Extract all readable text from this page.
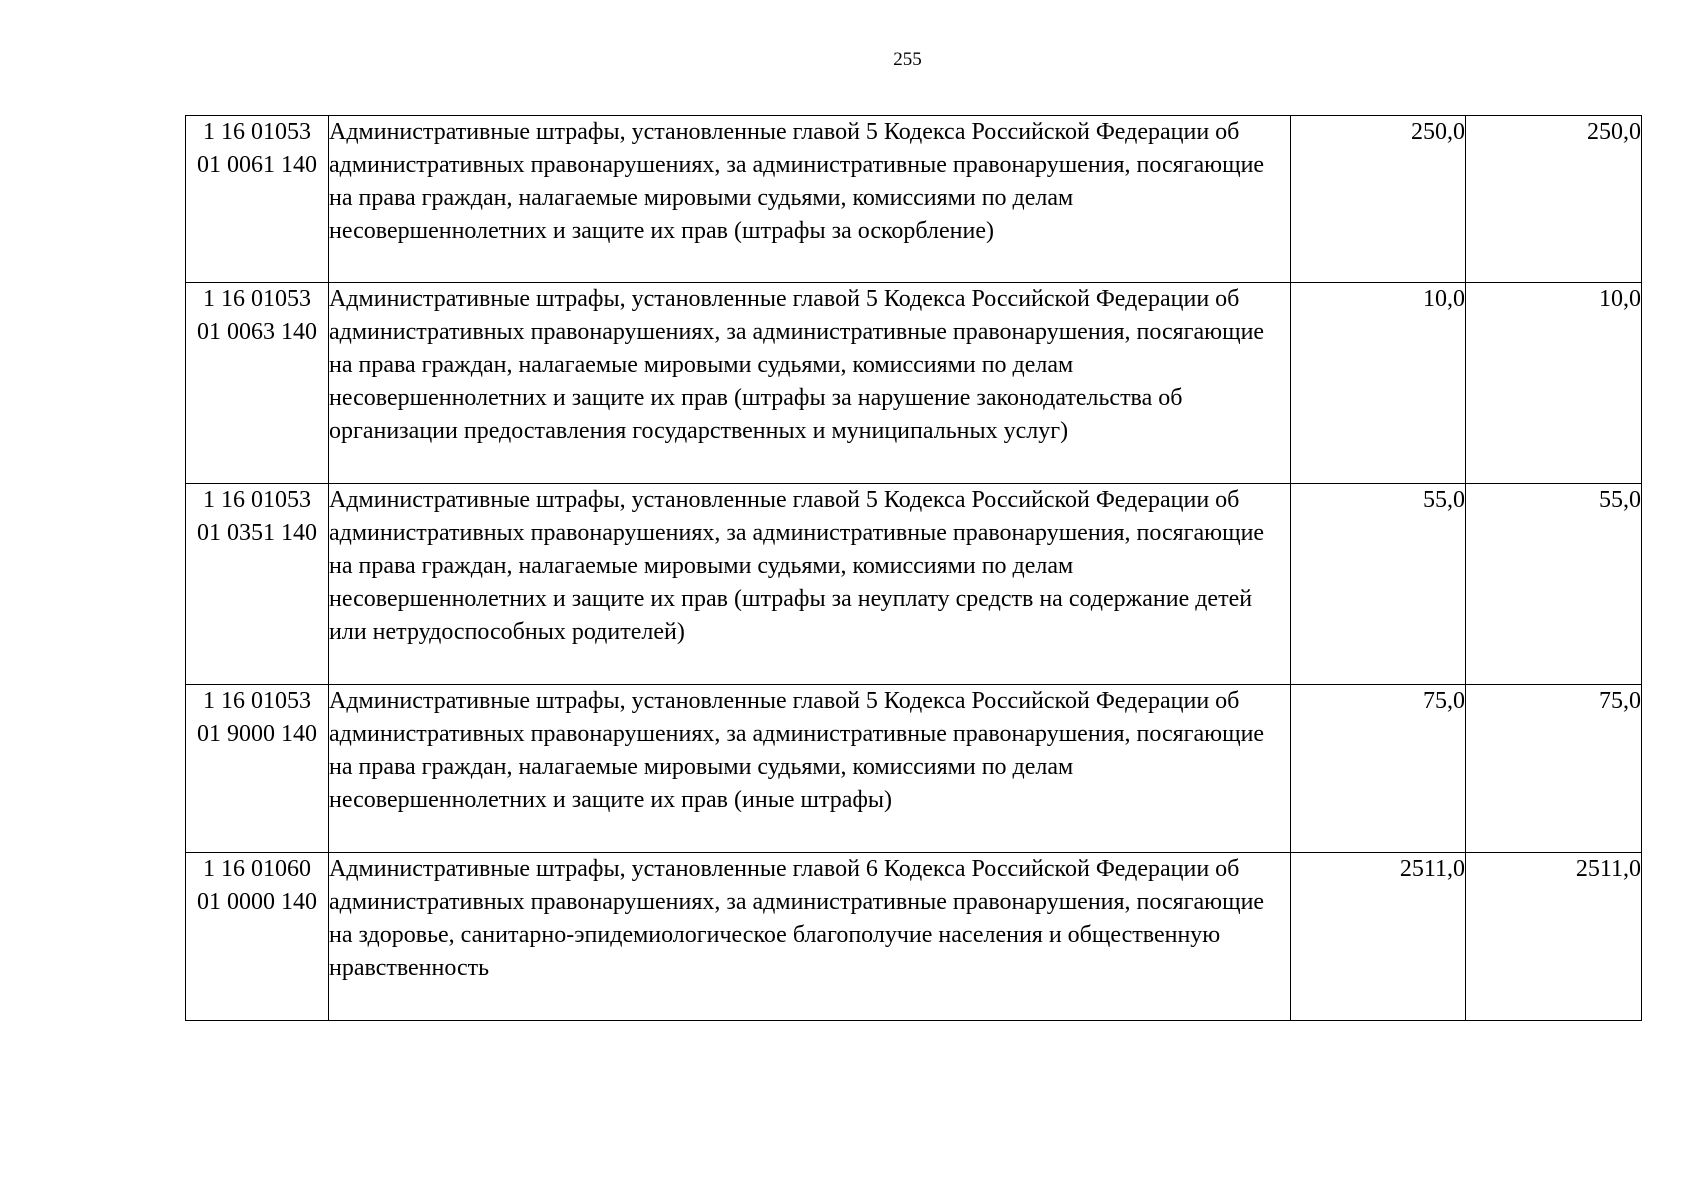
255
1 16 01053
01 0061 140	Административные штрафы, установленные главой 5 Кодекса Российской Федерации об административных правонарушениях, за административные правонарушения, посягающие на права граждан, налагаемые мировыми судьями, комиссиями по делам несовершеннолетних и защите их прав (штрафы за оскорбление)	250,0	250,0

1 16 01053
01 0063 140	Административные штрафы, установленные главой 5 Кодекса Российской Федерации об административных правонарушениях, за административные правонарушения, посягающие на права граждан, налагаемые мировыми судьями, комиссиями по делам несовершеннолетних и защите их прав (штрафы за нарушение законодательства об организации предоставления государственных и муниципальных услуг)	10,0	10,0

1 16 01053
01 0351 140	Административные штрафы, установленные главой 5 Кодекса Российской Федерации об административных правонарушениях, за административные правонарушения, посягающие на права граждан, налагаемые мировыми судьями, комиссиями по делам несовершеннолетних и защите их прав (штрафы за неуплату средств на содержание детей или нетрудоспособных родителей)	55,0	55,0

1 16 01053
01 9000 140	Административные штрафы, установленные главой 5 Кодекса Российской Федерации об административных правонарушениях, за административные правонарушения, посягающие на права граждан, налагаемые мировыми судьями, комиссиями по делам несовершеннолетних и защите их прав (иные штрафы)	75,0	75,0

1 16 01060
01 0000 140	Административные штрафы, установленные главой 6 Кодекса Российской Федерации об административных правонарушениях, за административные правонарушения, посягающие на здоровье, санитарно-эпидемиологическое благополучие населения и общественную нравственность	2511,0	2511,0
